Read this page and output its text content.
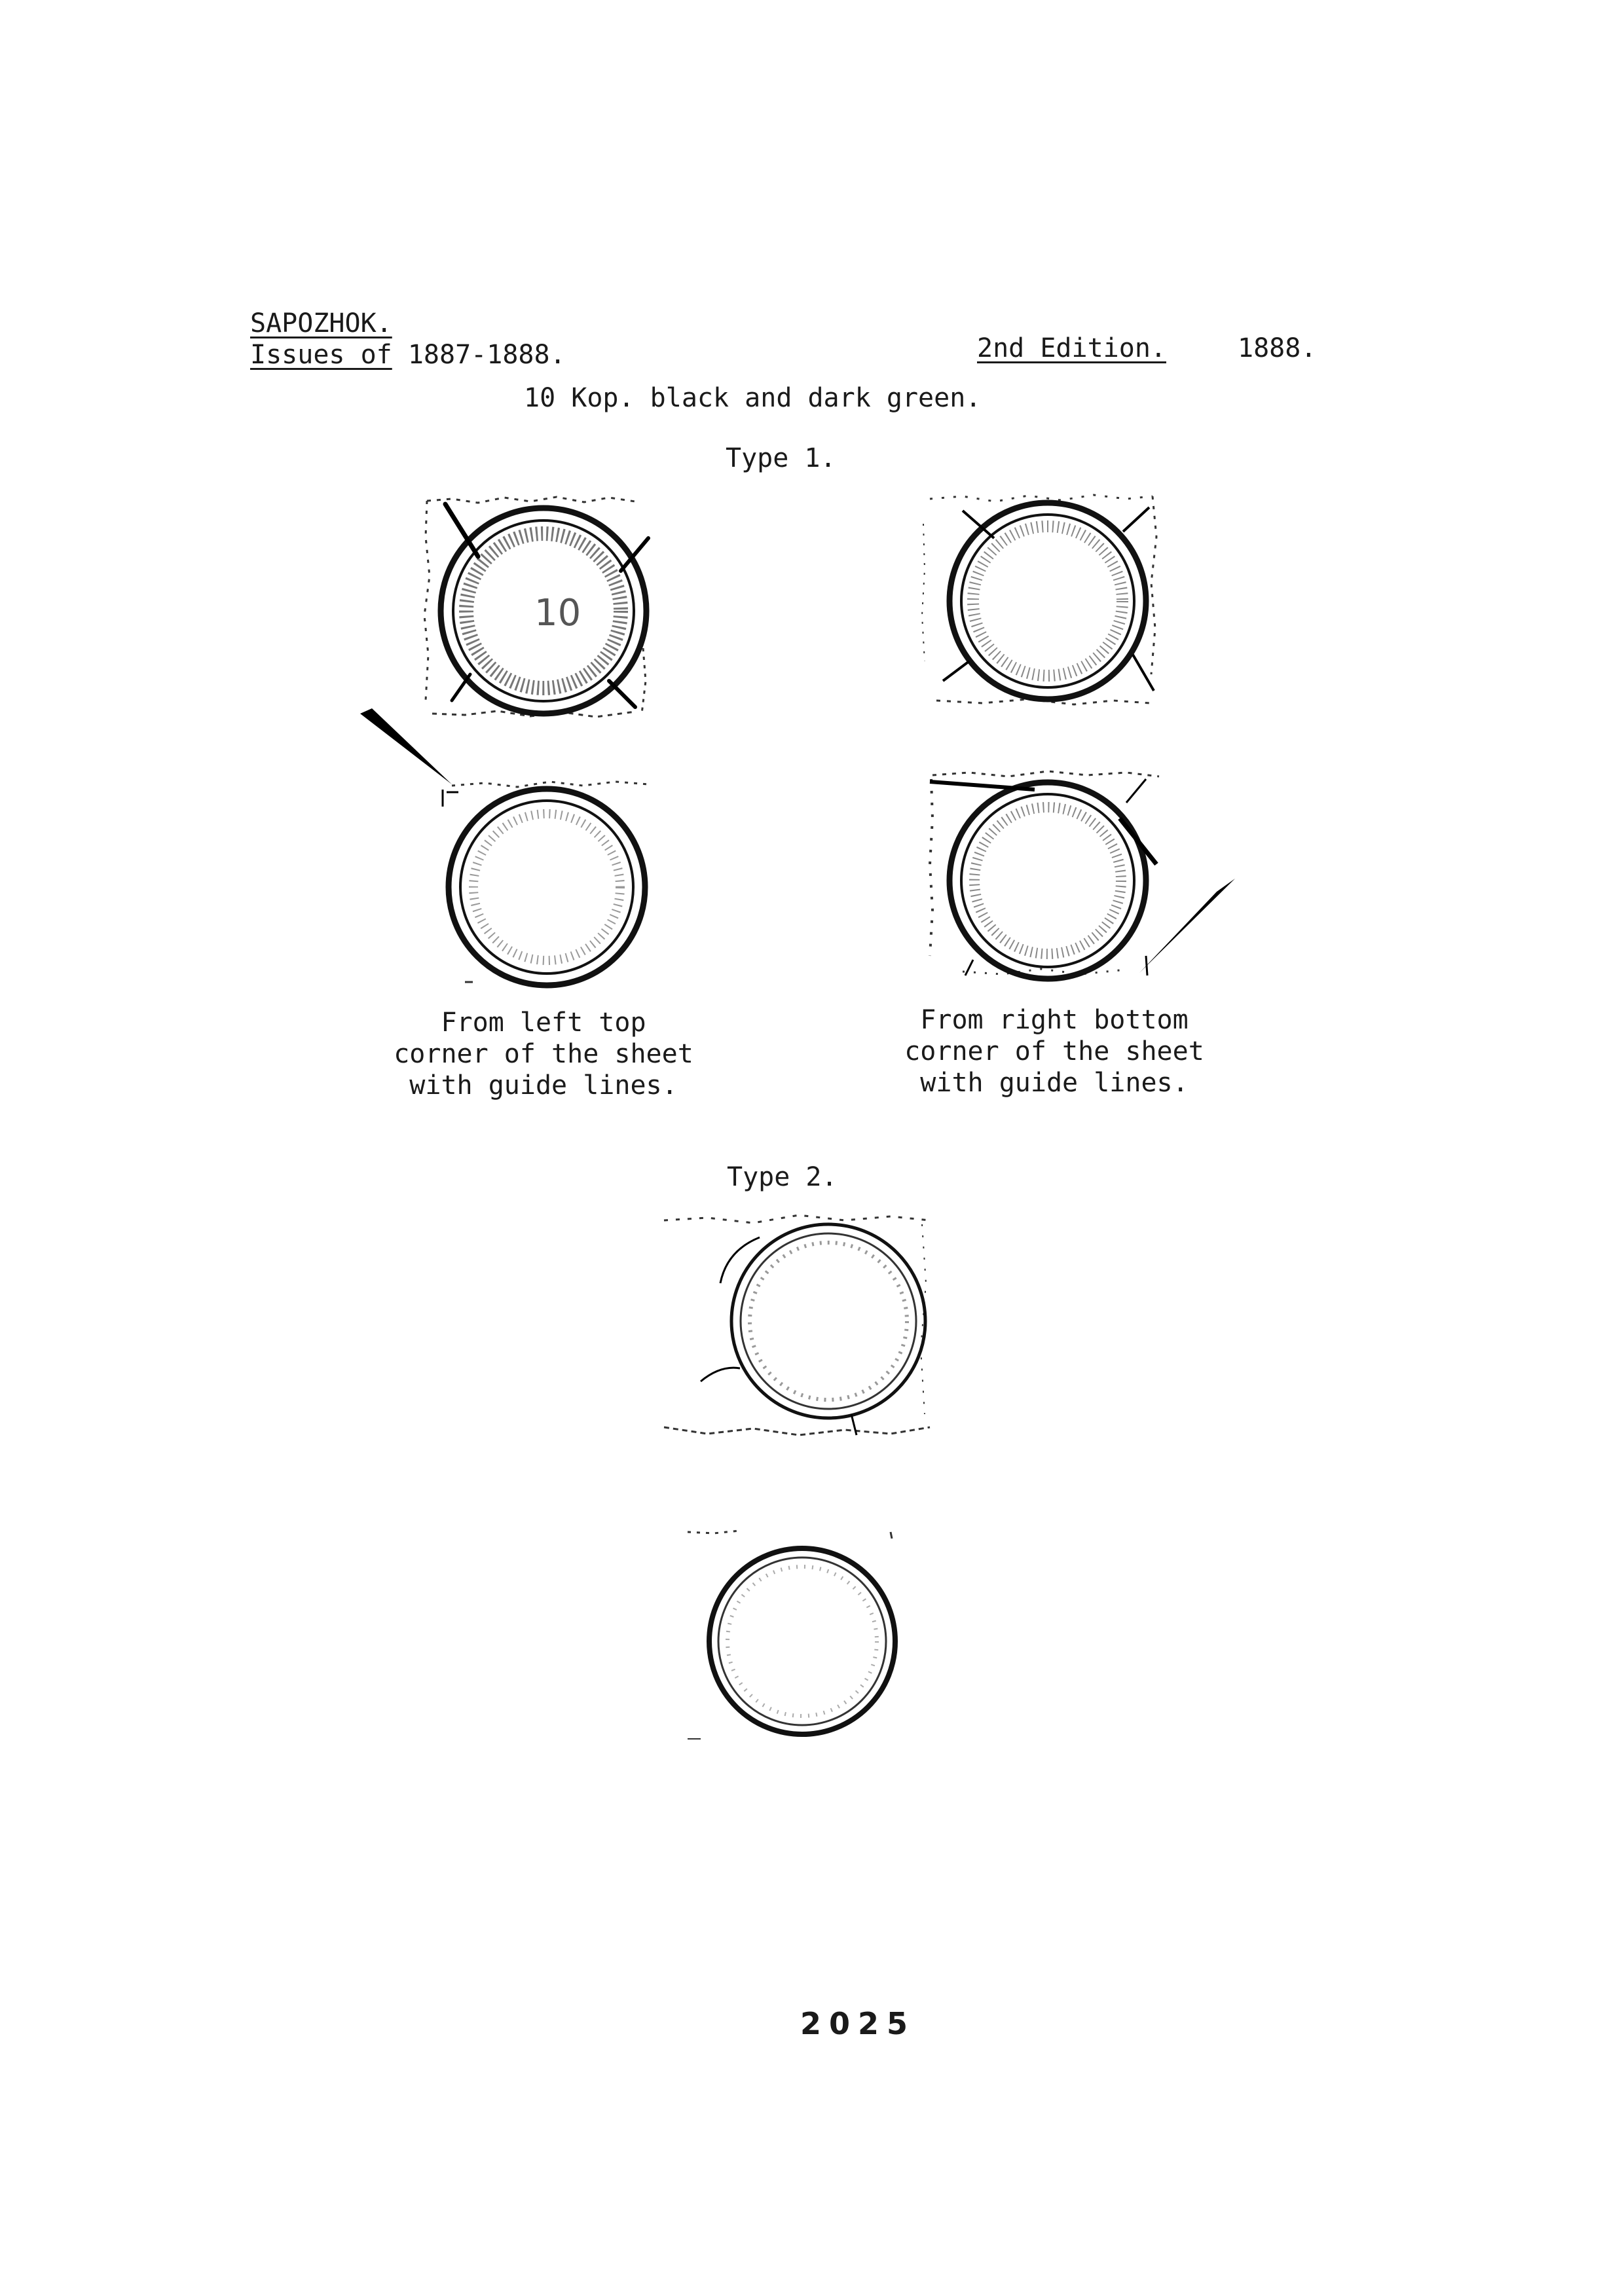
SAPOZHOK.
Issues of 1887-1888.	2nd Edition.	1888.
10 Kop. black and dark green.
Type 1.
10
From left top
corner of the sheet
with guide lines.
From right bottom
corner of the sheet
with guide lines.
Type 2.
2025
